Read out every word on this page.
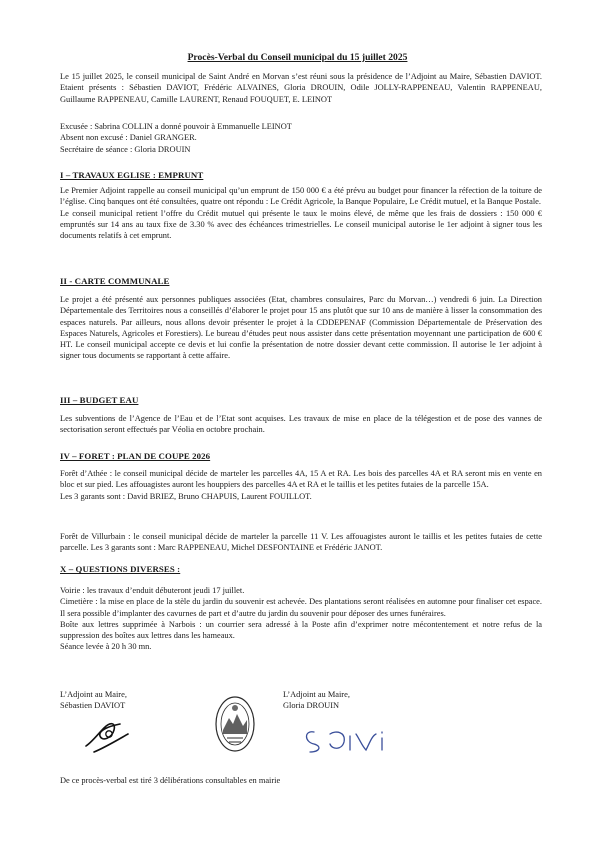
Procès-Verbal du Conseil municipal du 15 juillet 2025

Le 15 juillet 2025, le conseil municipal de Saint André en Morvan s’est réuni sous la présidence de l’Adjoint au Maire, Sébastien DAVIOT. Etaient présents : Sébastien DAVIOT, Frédéric ALVAINES, Gloria DROUIN, Odile JOLLY-RAPPENEAU, Valentin RAPPENEAU, Guillaume RAPPENEAU, Camille LAURENT, Renaud FOUQUET, E. LEINOT

Excusée : Sabrina COLLIN a donné pouvoir à Emmanuelle LEINOT

Absent non excusé : Daniel GRANGER.

Secrétaire de séance : Gloria DROUIN

I – TRAVAUX EGLISE : EMPRUNT

Le Premier Adjoint rappelle au conseil municipal qu’un emprunt de 150 000 € a été prévu au budget pour financer la réfection de la toiture de l’église. Cinq banques ont été consultées, quatre ont répondu : Le Crédit Agricole, la Banque Populaire, Le Crédit mutuel, et la Banque Postale.

Le conseil municipal retient l’offre du Crédit mutuel qui présente le taux le moins élevé, de même que les frais de dossiers : 150 000 € empruntés sur 14 ans au taux fixe de 3.30 % avec des échéances trimestrielles. Le conseil municipal autorise le 1er adjoint à signer tous les documents relatifs à cet emprunt.

II - CARTE COMMUNALE

Le projet a été présenté aux personnes publiques associées (Etat, chambres consulaires, Parc du Morvan…) vendredi 6 juin. La Direction Départementale des Territoires nous a conseillés d’élaborer le projet pour 15 ans plutôt que sur 10 ans de manière à lisser la consommation des espaces naturels. Par ailleurs, nous allons devoir présenter le projet à la CDDEPENAF (Commission Départementale de Préservation des Espaces Naturels, Agricoles et Forestiers). Le bureau d’études peut nous assister dans cette présentation moyennant une participation de 600 € HT. Le conseil municipal accepte ce devis et lui confie la présentation de notre dossier devant cette commission. Il autorise le 1er adjoint à signer tous documents se rapportant à cette affaire.

III – BUDGET EAU

Les subventions de l’Agence de l’Eau et de l’Etat sont acquises. Les travaux de mise en place de la télégestion et de pose des vannes de sectorisation seront effectués par Véolia en octobre prochain.

IV – FORET : PLAN DE COUPE 2026

Forêt d’Athée : le conseil municipal décide de marteler les parcelles 4A, 15 A et RA. Les bois des parcelles 4A et RA seront mis en vente en bloc et sur pied. Les affouagistes auront les houppiers des parcelles 4A et RA et le taillis et les petites futaies de la parcelle 15A.

Les 3 garants sont : David BRIEZ, Bruno CHAPUIS, Laurent FOUILLOT.

Forêt de Villurbain : le conseil municipal décide de marteler la parcelle 11 V. Les affouagistes auront le taillis et les petites futaies de cette parcelle. Les 3 garants sont : Marc RAPPENEAU, Michel DESFONTAINE et Frédéric JANOT.

X – QUESTIONS DIVERSES :

Voirie : les travaux d’enduit débuteront jeudi 17 juillet.

Cimetière : la mise en place de la stèle du jardin du souvenir est achevée. Des plantations seront réalisées en automne pour finaliser cet espace. Il sera possible d’implanter des cavurnes de part et d’autre du jardin du souvenir pour déposer des urnes funéraires.

Boîte aux lettres supprimée à Narbois : un courrier sera adressé à la Poste afin d’exprimer notre mécontentement et notre refus de la suppression des boîtes aux lettres dans les hameaux.

Séance levée à 20 h 30 mn.

L’Adjoint au Maire,
Sébastien DAVIOT
L’Adjoint au Maire,
Gloria DROUIN
De ce procès-verbal est tiré 3 délibérations consultables en mairie
